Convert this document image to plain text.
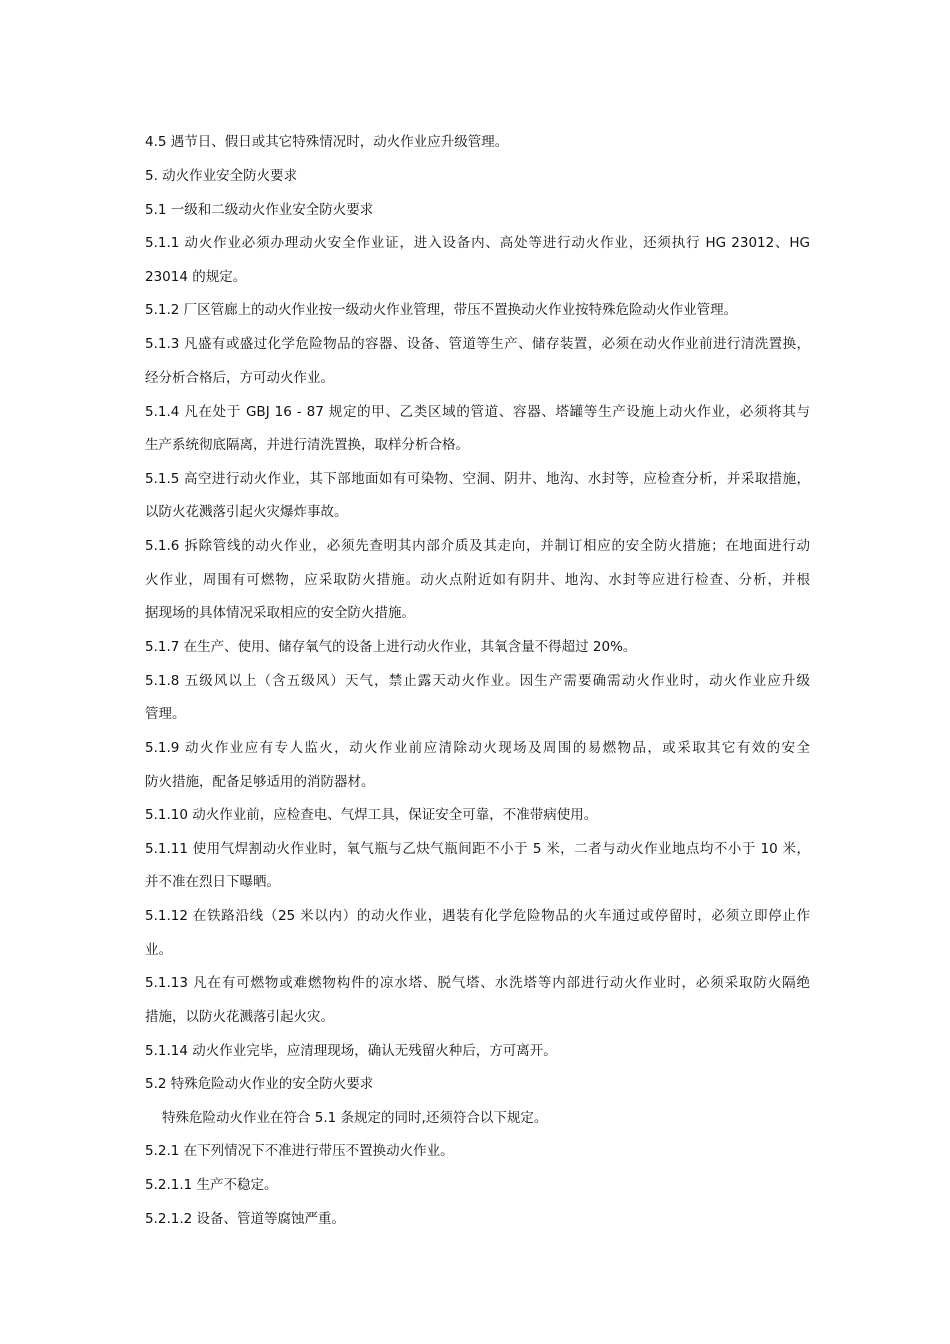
4.5 遇节日、假日或其它特殊情况时，动火作业应升级管理。
5. 动火作业安全防火要求
5.1 一级和二级动火作业安全防火要求
5.1.1 动火作业必须办理动火安全作业证，进入设备内、高处等进行动火作业，还须执行 HG 23012、HG
23014 的规定。
5.1.2 厂区管廊上的动火作业按一级动火作业管理，带压不置换动火作业按特殊危险动火作业管理。
5.1.3 凡盛有或盛过化学危险物品的容器、设备、管道等生产、储存装置，必须在动火作业前进行清洗置换，
经分析合格后，方可动火作业。
5.1.4 凡在处于 GBJ 16 - 87 规定的甲、乙类区域的管道、容器、塔罐等生产设施上动火作业，必须将其与
生产系统彻底隔离，并进行清洗置换，取样分析合格。
5.1.5 高空进行动火作业，其下部地面如有可染物、空洞、阴井、地沟、水封等，应检查分析，并采取措施，
以防火花溅落引起火灾爆炸事故。
5.1.6 拆除管线的动火作业，必须先查明其内部介质及其走向，并制订相应的安全防火措施；在地面进行动
火作业，周围有可燃物，应采取防火措施。动火点附近如有阴井、地沟、水封等应进行检查、分析，并根
据现场的具体情况采取相应的安全防火措施。
5.1.7 在生产、使用、储存氧气的设备上进行动火作业，其氧含量不得超过 20%。
5.1.8 五级风以上（含五级风）天气，禁止露天动火作业。因生产需要确需动火作业时，动火作业应升级
管理。
5.1.9 动火作业应有专人监火，动火作业前应清除动火现场及周围的易燃物品，或采取其它有效的安全
防火措施，配备足够适用的消防器材。
5.1.10 动火作业前，应检查电、气焊工具，保证安全可靠，不准带病使用。
5.1.11 使用气焊割动火作业时，氧气瓶与乙炔气瓶间距不小于 5 米，二者与动火作业地点均不小于 10 米，
并不准在烈日下曝晒。
5.1.12 在铁路沿线（25 米以内）的动火作业，遇装有化学危险物品的火车通过或停留时，必须立即停止作
业。
5.1.13 凡在有可燃物或难燃物构件的凉水塔、脱气塔、水洗塔等内部进行动火作业时，必须采取防火隔绝
措施，以防火花溅落引起火灾。
5.1.14 动火作业完毕，应清理现场，确认无残留火种后，方可离开。
5.2 特殊危险动火作业的安全防火要求
特殊危险动火作业在符合 5.1 条规定的同时,还须符合以下规定。
5.2.1 在下列情况下不准进行带压不置换动火作业。
5.2.1.1 生产不稳定。
5.2.1.2 设备、管道等腐蚀严重。
